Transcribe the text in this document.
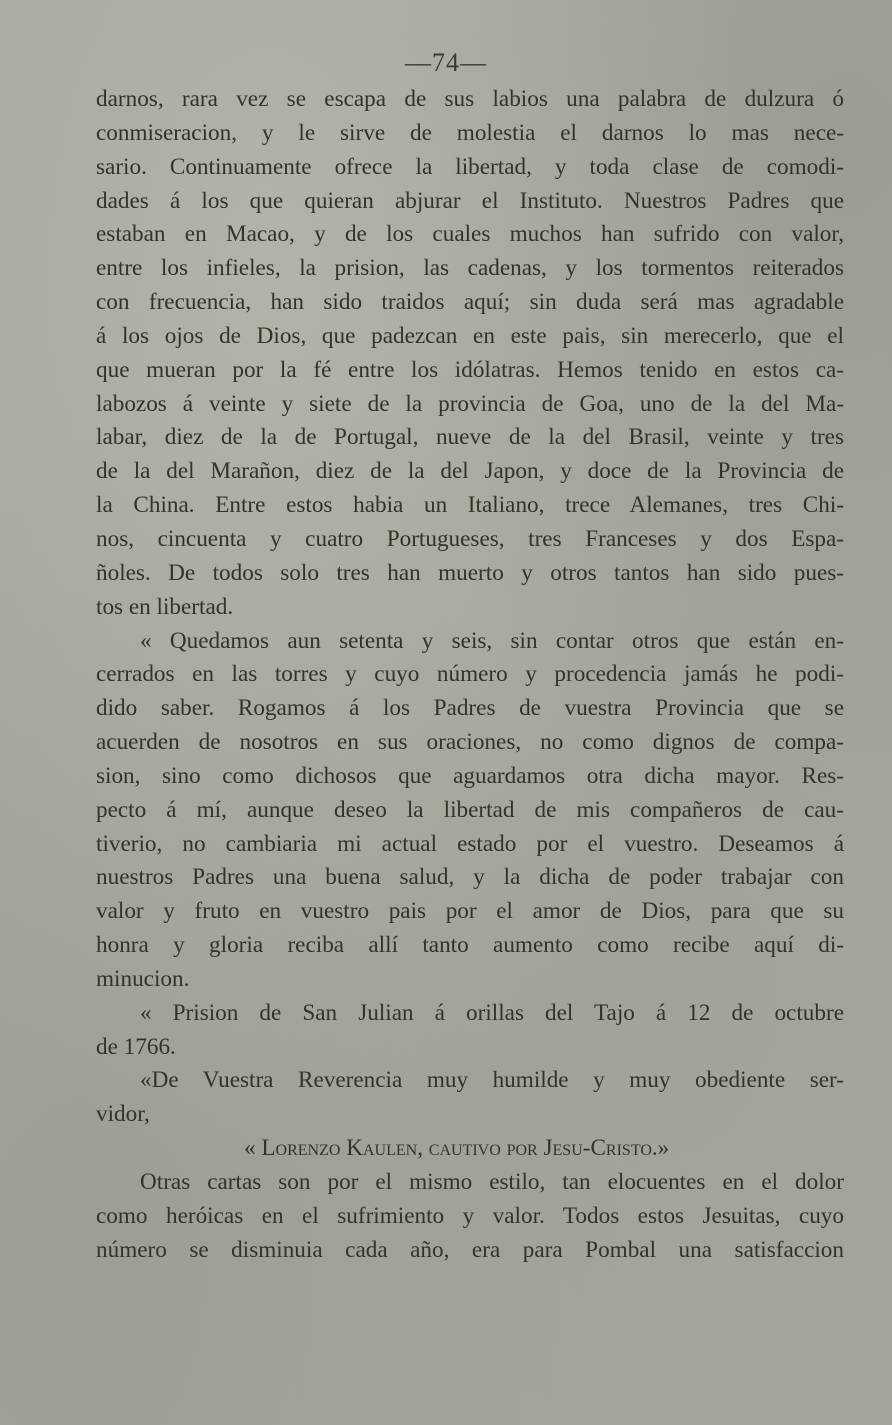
—74—
darnos, rara vez se escapa de sus labios una palabra de dulzura ó
conmiseracion, y le sirve de molestia el darnos lo mas nece-
sario. Continuamente ofrece la libertad, y toda clase de comodi-
dades á los que quieran abjurar el Instituto. Nuestros Padres que
estaban en Macao, y de los cuales muchos han sufrido con valor,
entre los infieles, la prision, las cadenas, y los tormentos reiterados
con frecuencia, han sido traidos aquí; sin duda será mas agradable
á los ojos de Dios, que padezcan en este pais, sin merecerlo, que el
que mueran por la fé entre los idólatras. Hemos tenido en estos ca-
labozos á veinte y siete de la provincia de Goa, uno de la del Ma-
labar, diez de la de Portugal, nueve de la del Brasil, veinte y tres
de la del Marañon, diez de la del Japon, y doce de la Provincia de
la China. Entre estos habia un Italiano, trece Alemanes, tres Chi-
nos, cincuenta y cuatro Portugueses, tres Franceses y dos Espa-
ñoles. De todos solo tres han muerto y otros tantos han sido pues-
tos en libertad.
« Quedamos aun setenta y seis, sin contar otros que están en-
cerrados en las torres y cuyo número y procedencia jamás he podi-
dido saber. Rogamos á los Padres de vuestra Provincia que se
acuerden de nosotros en sus oraciones, no como dignos de compa-
sion, sino como dichosos que aguardamos otra dicha mayor. Res-
pecto á mí, aunque deseo la libertad de mis compañeros de cau-
tiverio, no cambiaria mi actual estado por el vuestro. Deseamos á
nuestros Padres una buena salud, y la dicha de poder trabajar con
valor y fruto en vuestro pais por el amor de Dios, para que su
honra y gloria reciba allí tanto aumento como recibe aquí di-
minucion.
« Prision de San Julian á orillas del Tajo á 12 de octubre
de 1766.
«De Vuestra Reverencia muy humilde y muy obediente ser-
vidor,
« Lorenzo Kaulen, cautivo por Jesu-Cristo.»
Otras cartas son por el mismo estilo, tan elocuentes en el dolor
como heróicas en el sufrimiento y valor. Todos estos Jesuitas, cuyo
número se disminuia cada año, era para Pombal una satisfaccion
